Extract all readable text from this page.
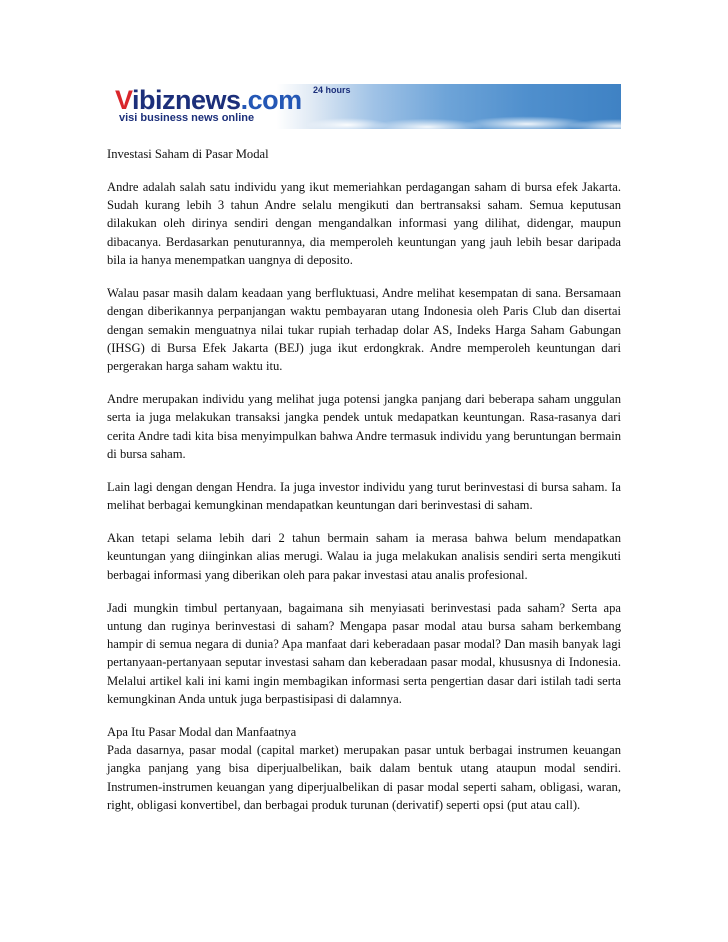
Vibiznews.com 24 hours
visi business news online

Investasi Saham di Pasar Modal

Andre adalah salah satu individu yang ikut memeriahkan perdagangan saham di bursa efek Jakarta. Sudah kurang lebih 3 tahun Andre selalu mengikuti dan bertransaksi saham. Semua keputusan dilakukan oleh dirinya sendiri dengan mengandalkan informasi yang dilihat, didengar, maupun dibacanya. Berdasarkan penuturannya, dia memperoleh keuntungan yang jauh lebih besar daripada bila ia hanya menempatkan uangnya di deposito.

Walau pasar masih dalam keadaan yang berfluktuasi, Andre melihat kesempatan di sana. Bersamaan dengan diberikannya perpanjangan waktu pembayaran utang Indonesia oleh Paris Club dan disertai dengan semakin menguatnya nilai tukar rupiah terhadap dolar AS, Indeks Harga Saham Gabungan (IHSG) di Bursa Efek Jakarta (BEJ) juga ikut erdongkrak. Andre memperoleh keuntungan dari pergerakan harga saham waktu itu.

Andre merupakan individu yang melihat juga potensi jangka panjang dari beberapa saham unggulan serta ia juga melakukan transaksi jangka pendek untuk medapatkan keuntungan. Rasa-rasanya dari cerita Andre tadi kita bisa menyimpulkan bahwa Andre termasuk individu yang beruntungan bermain di bursa saham.

Lain lagi dengan dengan Hendra. Ia juga investor individu yang turut berinvestasi di bursa saham. Ia melihat berbagai kemungkinan mendapatkan keuntungan dari berinvestasi di saham.

Akan tetapi selama lebih dari 2 tahun bermain saham ia merasa bahwa belum mendapatkan keuntungan yang diinginkan alias merugi. Walau ia juga melakukan analisis sendiri serta mengikuti berbagai informasi yang diberikan oleh para pakar investasi atau analis profesional.

Jadi mungkin timbul pertanyaan, bagaimana sih menyiasati berinvestasi pada saham? Serta apa untung dan ruginya berinvestasi di saham? Mengapa pasar modal atau bursa saham berkembang hampir di semua negara di dunia? Apa manfaat dari keberadaan pasar modal? Dan masih banyak lagi pertanyaan-pertanyaan seputar investasi saham dan keberadaan pasar modal, khususnya di Indonesia. Melalui artikel kali ini kami ingin membagikan informasi serta pengertian dasar dari istilah tadi serta kemungkinan Anda untuk juga berpastisipasi di dalamnya.

Apa Itu Pasar Modal dan Manfaatnya

Pada dasarnya, pasar modal (capital market) merupakan pasar untuk berbagai instrumen keuangan jangka panjang yang bisa diperjualbelikan, baik dalam bentuk utang ataupun modal sendiri. Instrumen-instrumen keuangan yang diperjualbelikan di pasar modal seperti saham, obligasi, waran, right, obligasi konvertibel, dan berbagai produk turunan (derivatif) seperti opsi (put atau call).
